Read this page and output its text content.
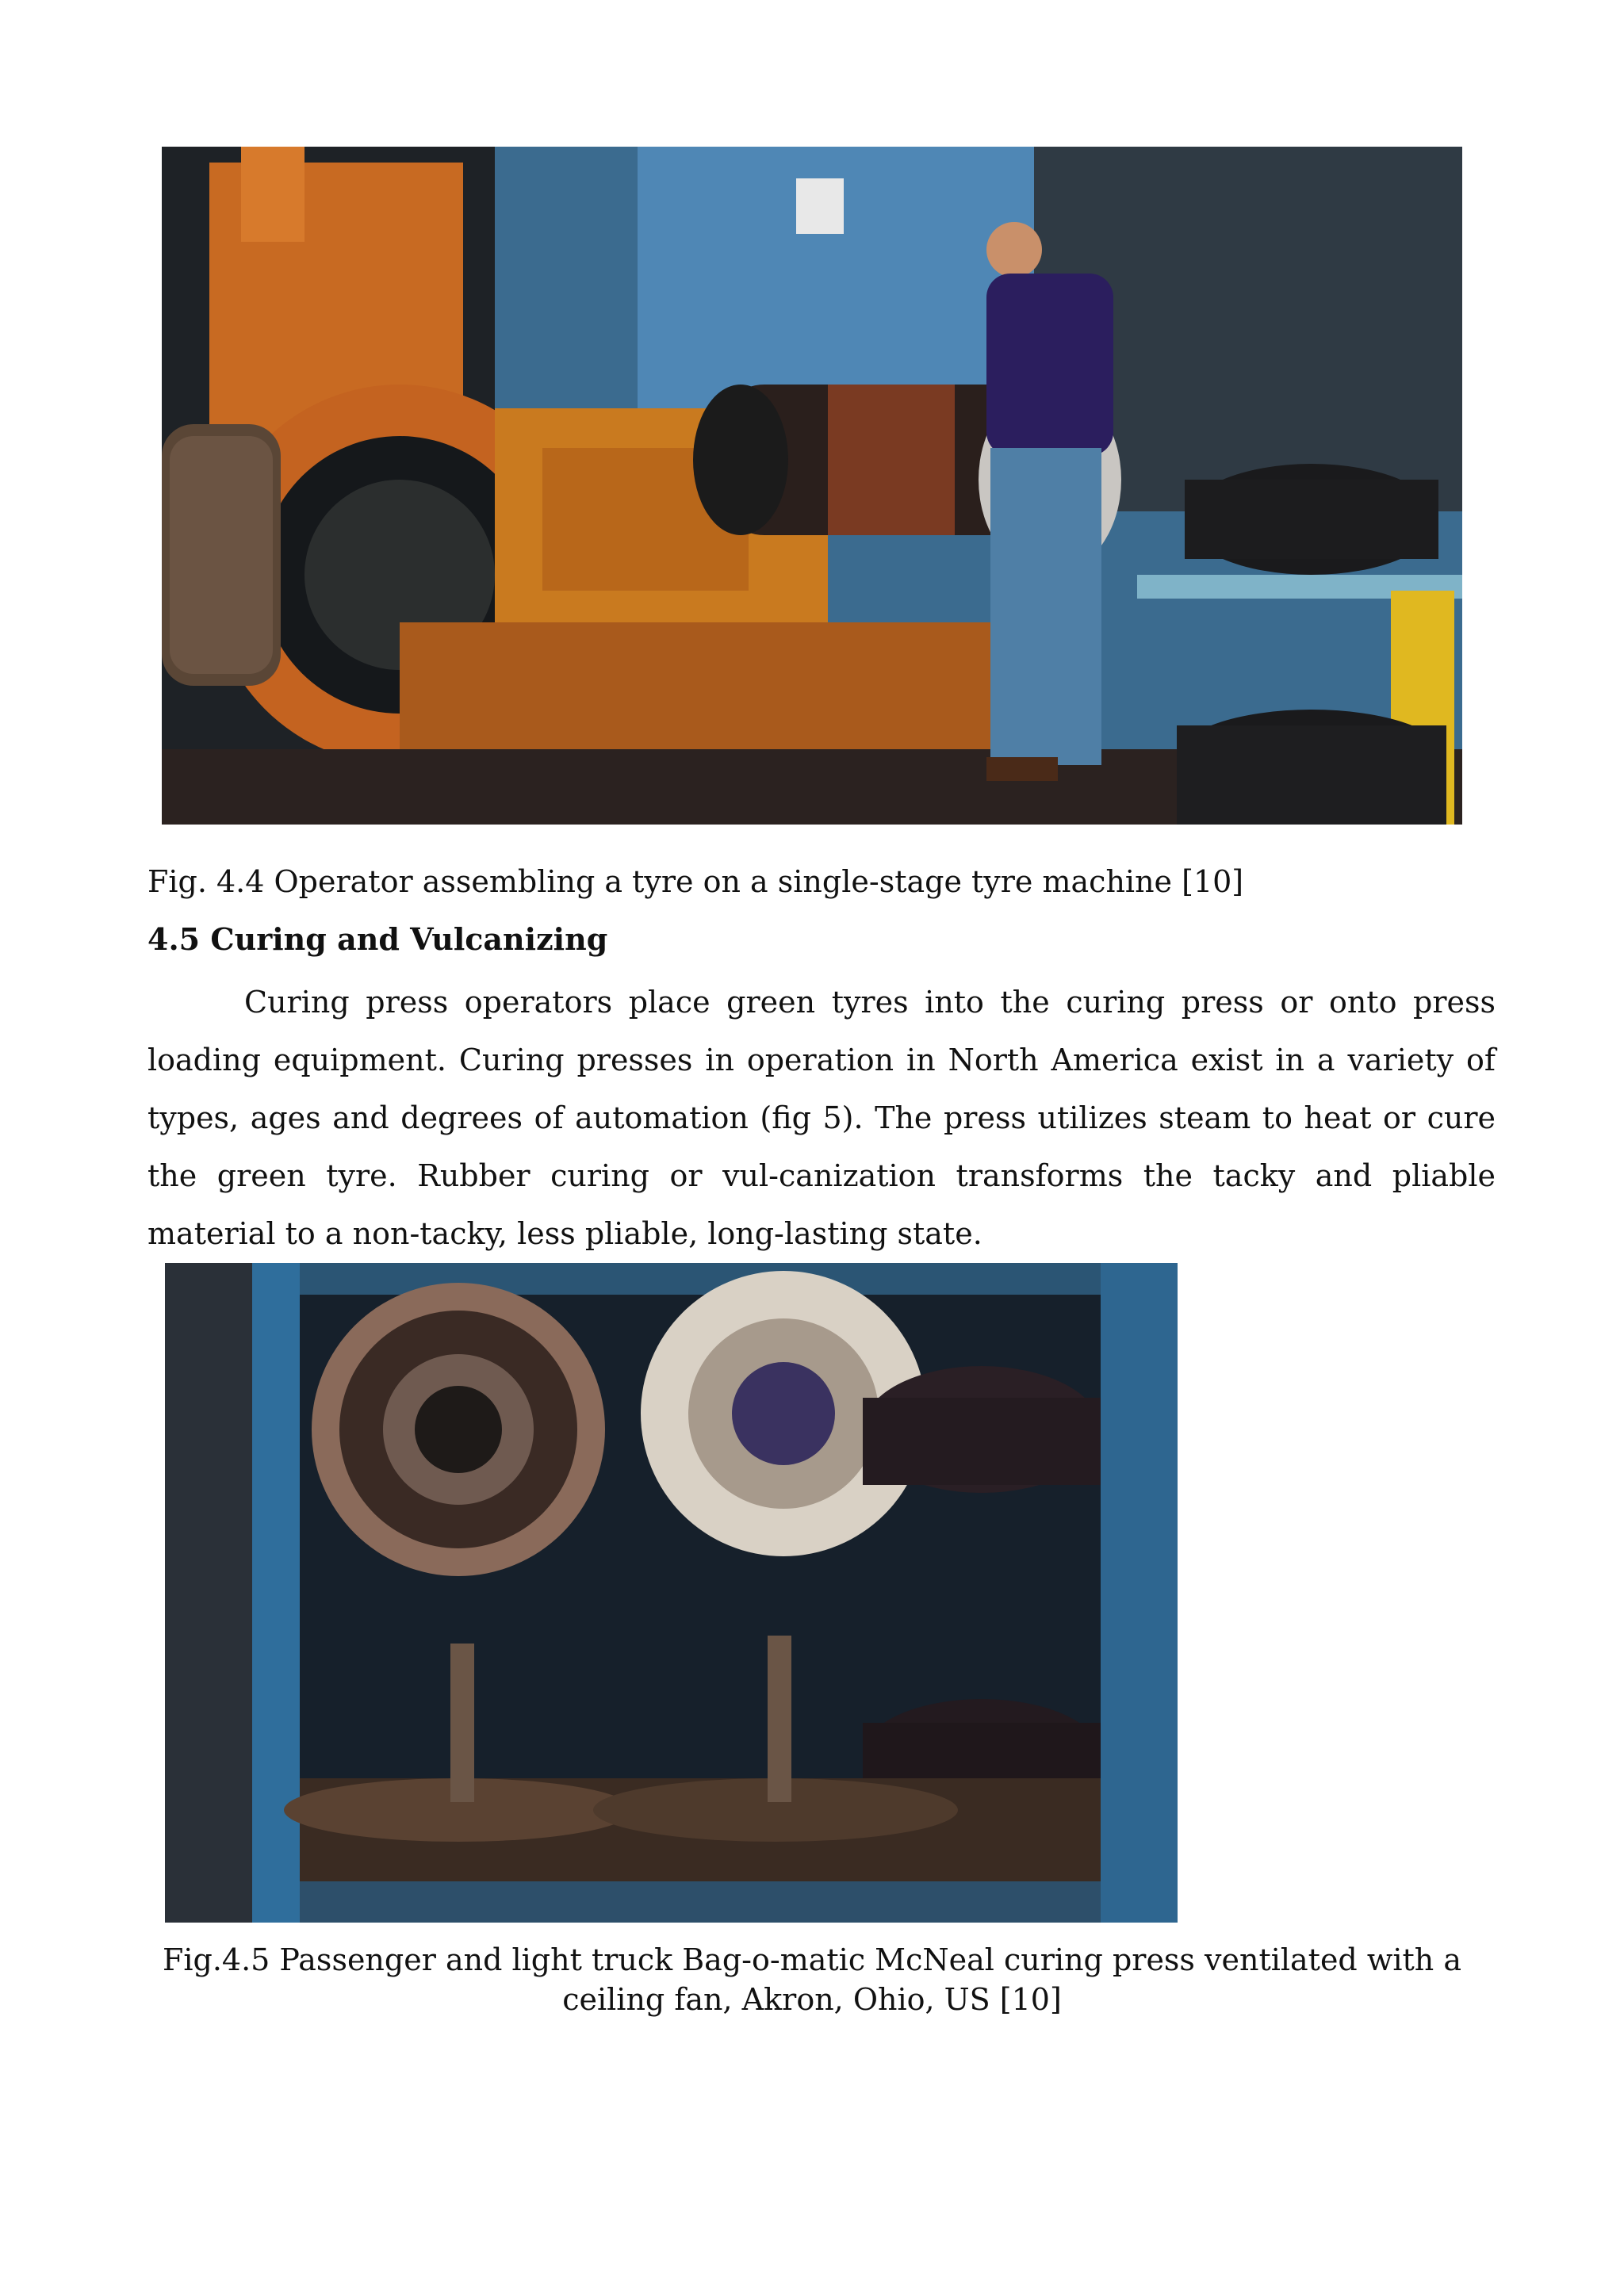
Fig. 4.4 Operator assembling a tyre on a single-stage tyre machine [10]
4.5 Curing and Vulcanizing
Curing press operators place green tyres into the curing press or onto press loading equipment. Curing presses in operation in North America exist in a variety of types, ages and degrees of automation (fig 5). The press utilizes steam to heat or cure the green tyre. Rubber curing or vul-canization transforms the tacky and pliable material to a non-tacky, less pliable, long-lasting state.
Fig.4.5 Passenger and light truck Bag-o-matic McNeal curing press ventilated with a ceiling fan, Akron, Ohio, US [10]
